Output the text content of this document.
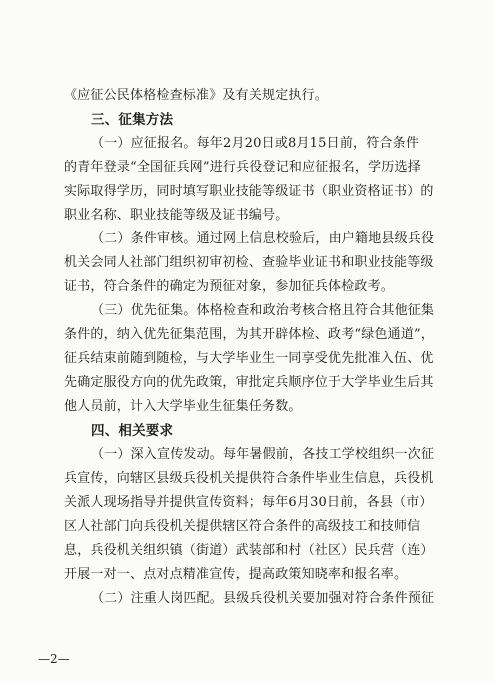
《应征公民体格检查标准》及有关规定执行。
三、征集方法
（一）应征报名。每年2月20日或8月15日前，符合条件
的青年登录“全国征兵网”进行兵役登记和应征报名，学历选择
实际取得学历，同时填写职业技能等级证书（职业资格证书）的
职业名称、职业技能等级及证书编号。
（二）条件审核。通过网上信息校验后，由户籍地县级兵役
机关会同人社部门组织初审初检、查验毕业证书和职业技能等级
证书，符合条件的确定为预征对象，参加征兵体检政考。
（三）优先征集。体格检查和政治考核合格且符合其他征集
条件的，纳入优先征集范围，为其开辟体检、政考“绿色通道”，
征兵结束前随到随检，与大学毕业生一同享受优先批准入伍、优
先确定服役方向的优先政策，审批定兵顺序位于大学毕业生后其
他人员前，计入大学毕业生征集任务数。
四、相关要求
（一）深入宣传发动。每年暑假前，各技工学校组织一次征
兵宣传，向辖区县级兵役机关提供符合条件毕业生信息，兵役机
关派人现场指导并提供宣传资料；每年6月30日前，各县（市）
区人社部门向兵役机关提供辖区符合条件的高级技工和技师信
息，兵役机关组织镇（街道）武装部和村（社区）民兵营（连）
开展一对一、点对点精准宣传，提高政策知晓率和报名率。
（二）注重人岗匹配。县级兵役机关要加强对符合条件预征
—2—
